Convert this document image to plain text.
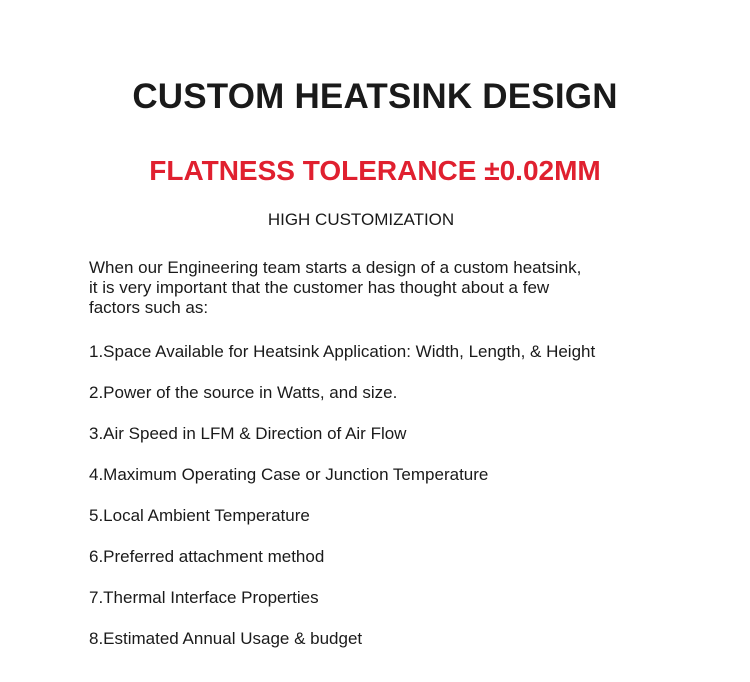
CUSTOM HEATSINK DESIGN
FLATNESS TOLERANCE ±0.02MM
HIGH CUSTOMIZATION
When our Engineering team starts a design of a custom heatsink,
it is very important that the customer has thought about a few
factors such as:
1.Space Available for Heatsink Application: Width, Length, & Height
2.Power of the source in Watts, and size.
3.Air Speed in LFM & Direction of Air Flow
4.Maximum Operating Case or Junction Temperature
5.Local Ambient Temperature
6.Preferred attachment method
7.Thermal Interface Properties
8.Estimated Annual Usage & budget
